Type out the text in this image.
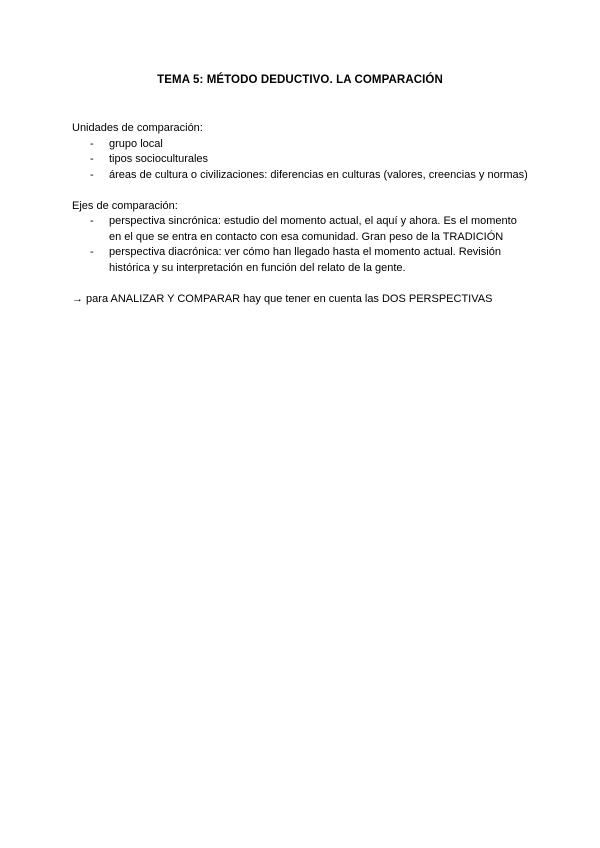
TEMA 5: MÉTODO DEDUCTIVO. LA COMPARACIÓN

Unidades de comparación:

- grupo local
- tipos socioculturales
- áreas de cultura o civilizaciones: diferencias en culturas (valores, creencias y normas)

Ejes de comparación:

- perspectiva sincrónica: estudio del momento actual, el aquí y ahora. Es el momento en el que se entra en contacto con esa comunidad. Gran peso de la TRADICIÓN
- perspectiva diacrónica: ver cómo han llegado hasta el momento actual. Revisión histórica y su interpretación en función del relato de la gente.

→ para ANALIZAR Y COMPARAR hay que tener en cuenta las DOS PERSPECTIVAS
